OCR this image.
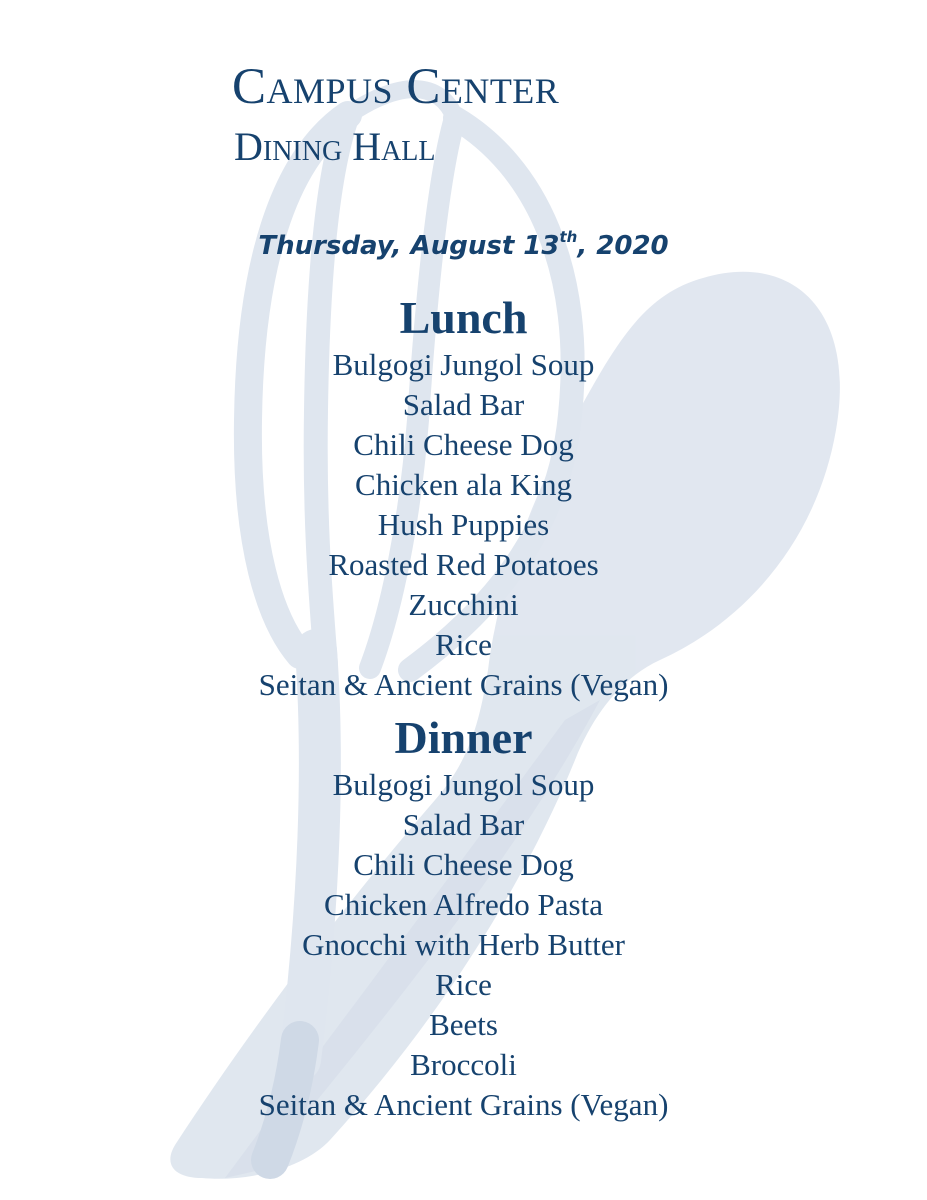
Campus Center
Dining Hall
Thursday, August 13th, 2020
Lunch
Bulgogi Jungol Soup
Salad Bar
Chili Cheese Dog
Chicken ala King
Hush Puppies
Roasted Red Potatoes
Zucchini
Rice
Seitan & Ancient Grains (Vegan)
Dinner
Bulgogi Jungol Soup
Salad Bar
Chili Cheese Dog
Chicken Alfredo Pasta
Gnocchi with Herb Butter
Rice
Beets
Broccoli
Seitan & Ancient Grains (Vegan)
